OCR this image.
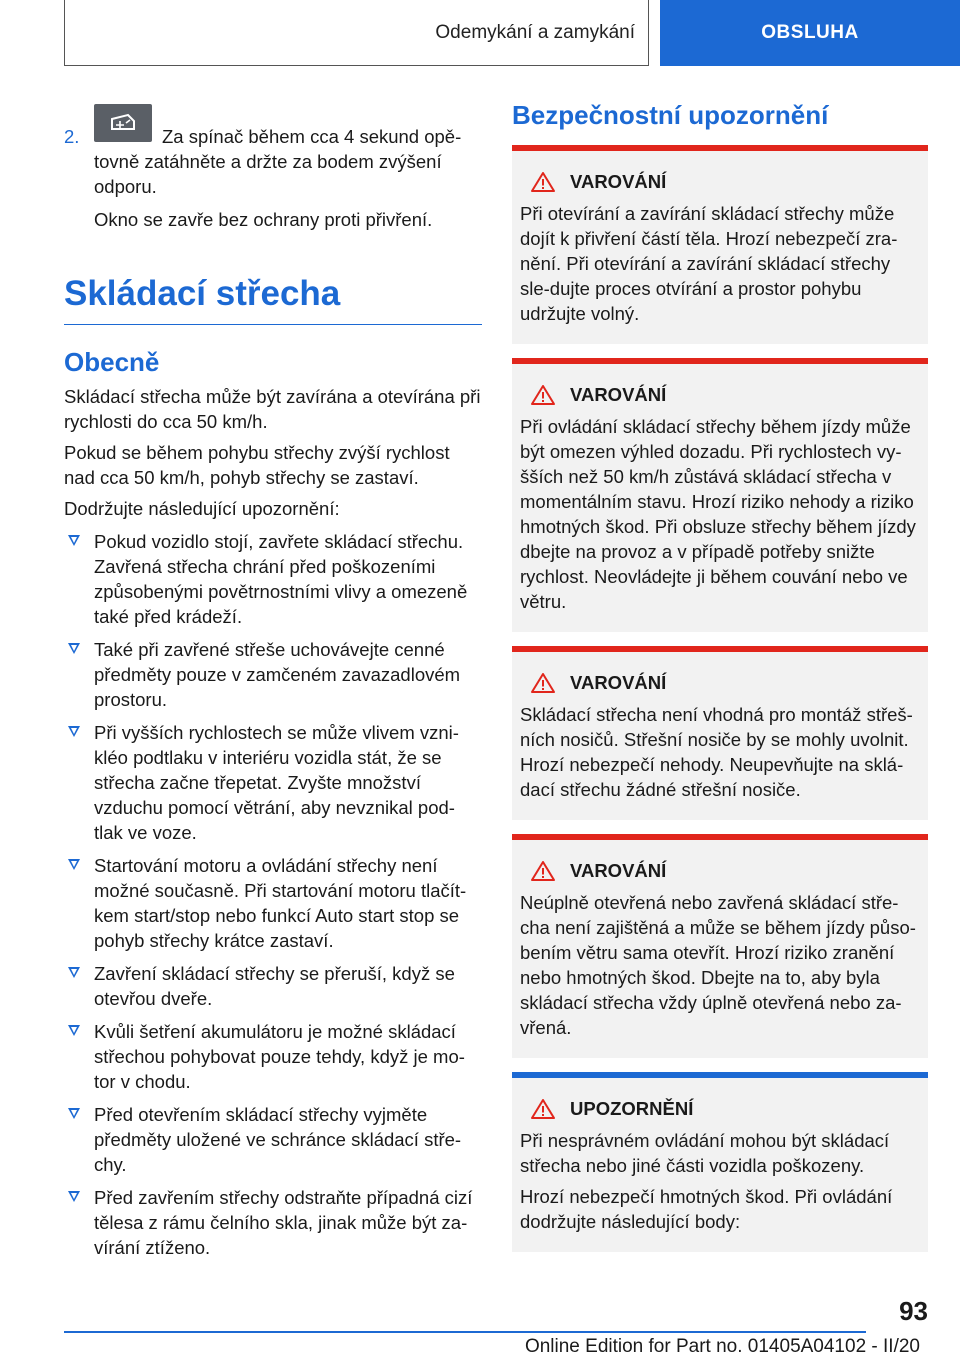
Odemykání a zamykání	OBSLUHA
2.	Za spínač během cca 4 sekund opě-tovně zatáhněte a držte za bodem zvýšení odporu.

Okno se zavře bez ochrany proti přivření.

Skládací střecha
Obecně

Skládací střecha může být zavírána a otevírána při rychlosti do cca 50 km/h.

Pokud se během pohybu střechy zvýší rychlost nad cca 50 km/h, pohyb střechy se zastaví.

Dodržujte následující upozornění:

Pokud vozidlo stojí, zavřete skládací střechu. Zavřená střecha chrání před poškozeními způsobenými povětrnostními vlivy a omezeně také před krádeží.
Také při zavřené střeše uchovávejte cenné předměty pouze v zamčeném zavazadlovém prostoru.
Při vyšších rychlostech se může vlivem vzni-kléo podtlaku v interiéru vozidla stát, že se střecha začne třepetat. Zvyšte množství vzduchu pomocí větrání, aby nevznikal pod-tlak ve voze.
Startování motoru a ovládání střechy není možné současně. Při startování motoru tlačít-kem start/stop nebo funkcí Auto start stop se pohyb střechy krátce zastaví.
Zavření skládací střechy se přeruší, když se otevřou dveře.
Kvůli šetření akumulátoru je možné skládací střechou pohybovat pouze tehdy, když je mo-tor v chodu.
Před otevřením skládací střechy vyjměte předměty uložené ve schránce skládací stře-chy.
Před zavřením střechy odstraňte případná cizí tělesa z rámu čelního skla, jinak může být za-vírání ztíženo.
Bezpečnostní upozornění
VAROVÁNÍ

Při otevírání a zavírání skládací střechy může dojít k přivření částí těla. Hrozí nebezpečí zra-nění. Při otevírání a zavírání skládací střechy sle-dujte proces otvírání a prostor pohybu udržujte volný.

VAROVÁNÍ

Při ovládání skládací střechy během jízdy může být omezen výhled dozadu. Při rychlostech vy-šších než 50 km/h zůstává skládací střecha v momentálním stavu. Hrozí riziko nehody a riziko hmotných škod. Při obsluze střechy během jízdy dbejte na provoz a v případě potřeby snižte rychlost. Neovládejte ji během couvání nebo ve větru.

VAROVÁNÍ

Skládací střecha není vhodná pro montáž střeš-ních nosičů. Střešní nosiče by se mohly uvolnit. Hrozí nebezpečí nehody. Neupevňujte na sklá-dací střechu žádné střešní nosiče.

VAROVÁNÍ

Neúplně otevřená nebo zavřená skládací stře-cha není zajištěná a může se během jízdy půso-bením větru sama otevřít. Hrozí riziko zranění nebo hmotných škod. Dbejte na to, aby byla skládací střecha vždy úplně otevřená nebo za-vřená.

UPOZORNĚNÍ

Při nesprávném ovládání mohou být skládací střecha nebo jiné části vozidla poškozeny.

Hrozí nebezpečí hmotných škod. Při ovládání dodržujte následující body:

93
Online Edition for Part no. 01405A04102 - II/20
